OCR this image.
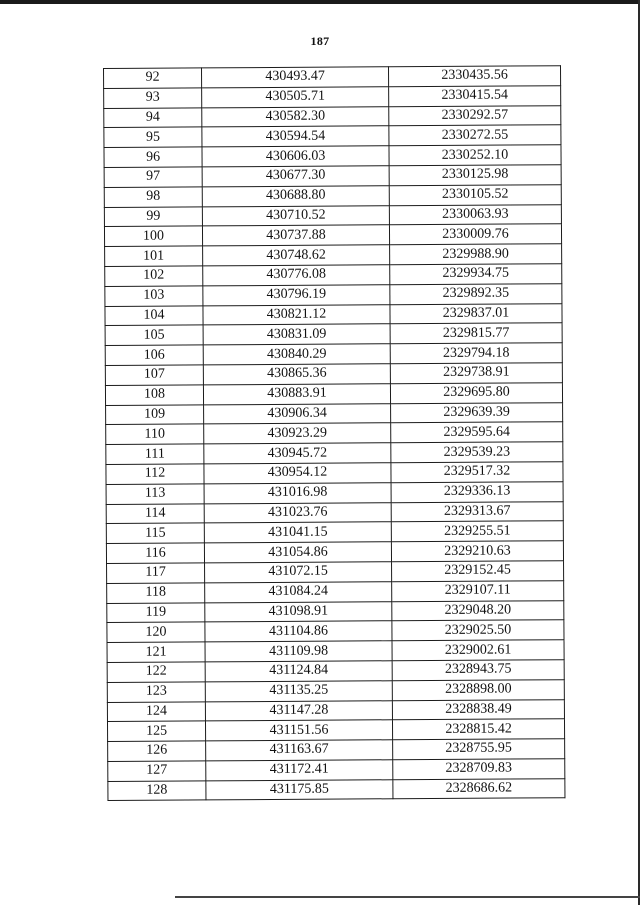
187
92	430493.47	2330435.56
93	430505.71	2330415.54
94	430582.30	2330292.57
95	430594.54	2330272.55
96	430606.03	2330252.10
97	430677.30	2330125.98
98	430688.80	2330105.52
99	430710.52	2330063.93
100	430737.88	2330009.76
101	430748.62	2329988.90
102	430776.08	2329934.75
103	430796.19	2329892.35
104	430821.12	2329837.01
105	430831.09	2329815.77
106	430840.29	2329794.18
107	430865.36	2329738.91
108	430883.91	2329695.80
109	430906.34	2329639.39
110	430923.29	2329595.64
111	430945.72	2329539.23
112	430954.12	2329517.32
113	431016.98	2329336.13
114	431023.76	2329313.67
115	431041.15	2329255.51
116	431054.86	2329210.63
117	431072.15	2329152.45
118	431084.24	2329107.11
119	431098.91	2329048.20
120	431104.86	2329025.50
121	431109.98	2329002.61
122	431124.84	2328943.75
123	431135.25	2328898.00
124	431147.28	2328838.49
125	431151.56	2328815.42
126	431163.67	2328755.95
127	431172.41	2328709.83
128	431175.85	2328686.62
